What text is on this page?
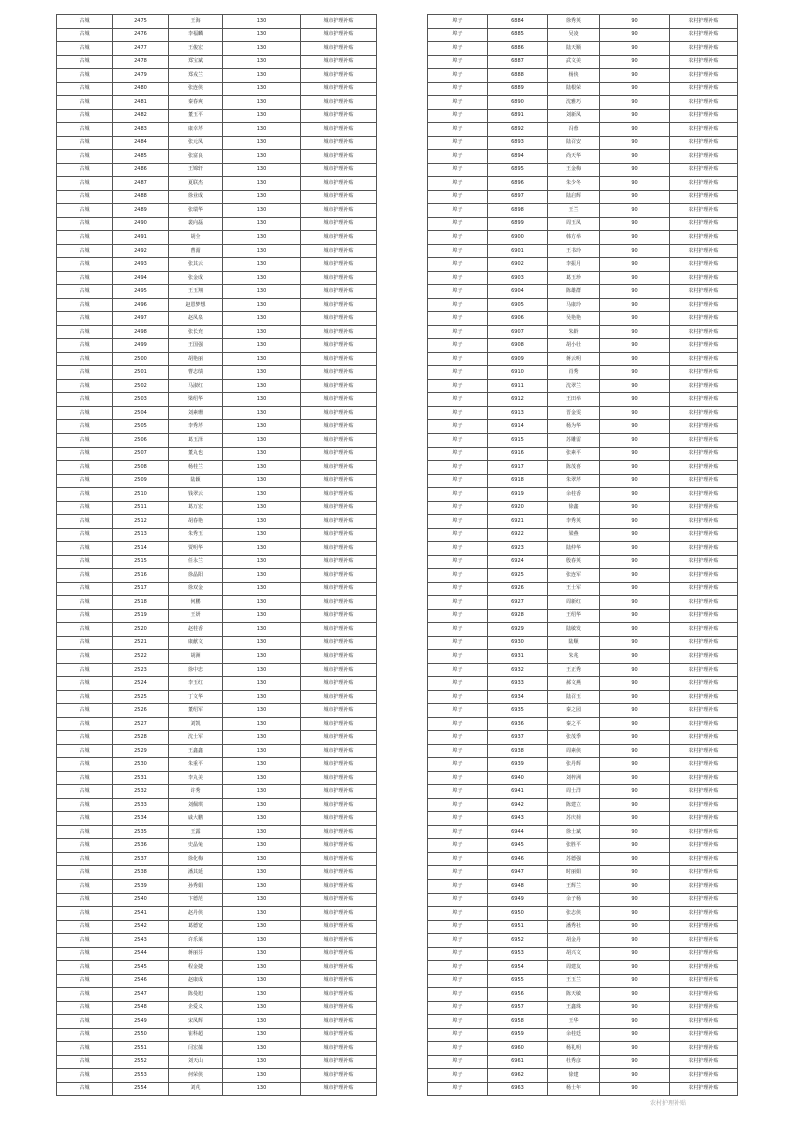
古城	2475	王海	130	城市护理补贴
古城	2476	李福麟	130	城市护理补贴
古城	2477	王俊宏	130	城市护理补贴
古城	2478	郑宝斌	130	城市护理补贴
古城	2479	郑戎兰	130	城市护理补贴
古城	2480	张连侠	130	城市护理补贴
古城	2481	秦春爽	130	城市护理补贴
古城	2482	董玉平	130	城市护理补贴
古城	2483	康幸芹	130	城市护理补贴
古城	2484	张元凤	130	城市护理补贴
古城	2485	张富良	130	城市护理补贴
古城	2486	王锦轩	130	城市护理补贴
古城	2487	夏联杰	130	城市护理补贴
古城	2488	徐业成	130	城市护理补贴
古城	2489	张瑞华	130	城市护理补贴
古城	2490	裴向磊	130	城市护理补贴
古城	2491	胡全	130	城市护理补贴
古城	2492	曹湄	130	城市护理补贴
古城	2493	张其云	130	城市护理补贴
古城	2494	张金成	130	城市护理补贴
古城	2495	王玉翔	130	城市护理补贴
古城	2496	赵恩梦想	130	城市护理补贴
古城	2497	赵凤泉	130	城市护理补贴
古城	2498	张长充	130	城市护理补贴
古城	2499	王国强	130	城市护理补贴
古城	2500	胡艳丽	130	城市护理补贴
古城	2501	曹志绩	130	城市护理补贴
古城	2502	马淑红	130	城市护理补贴
古城	2503	梁绍华	130	城市护理补贴
古城	2504	刘素珊	130	城市护理补贴
古城	2505	李秀芹	130	城市护理补贴
古城	2506	葛玉泽	130	城市护理补贴
古城	2507	董丸也	130	城市护理补贴
古城	2508	杨桂兰	130	城市护理补贴
古城	2509	陆颖	130	城市护理补贴
古城	2510	钱翠云	130	城市护理补贴
古城	2511	葛万宏	130	城市护理补贴
古城	2512	胡春艳	130	城市护理补贴
古城	2513	朱秀玉	130	城市护理补贴
古城	2514	贾明华	130	城市护理补贴
古城	2515	任永兰	130	城市护理补贴
古城	2516	徐晶阳	130	城市护理补贴
古城	2517	徐双金	130	城市护理补贴
古城	2518	何鹏	130	城市护理补贴
古城	2519	王妍	130	城市护理补贴
古城	2520	赵桂香	130	城市护理补贴
古城	2521	康献文	130	城市护理补贴
古城	2522	胡洲	130	城市护理补贴
古城	2523	徐中忠	130	城市护理补贴
古城	2524	李玉红	130	城市护理补贴
古城	2525	丁文华	130	城市护理补贴
古城	2526	董绍军	130	城市护理补贴
古城	2527	刘凯	130	城市护理补贴
古城	2528	沈士军	130	城市护理补贴
古城	2529	王鑫鑫	130	城市护理补贴
古城	2530	朱重平	130	城市护理补贴
古城	2531	李丸美	130	城市护理补贴
古城	2532	许秀	130	城市护理补贴
古城	2533	刘佩琪	130	城市护理补贴
古城	2534	戚大鹏	130	城市护理补贴
古城	2535	王露	130	城市护理补贴
古城	2536	史晶兔	130	城市护理补贴
古城	2537	徐化梅	130	城市护理补贴
古城	2538	潘其延	130	城市护理补贴
古城	2539	孙秀娟	130	城市护理补贴
古城	2540	卞德范	130	城市护理补贴
古城	2541	赵丹侠	130	城市护理补贴
古城	2542	葛德宽	130	城市护理补贴
古城	2543	许乐莱	130	城市护理补贴
古城	2544	蒋丽芬	130	城市护理补贴
古城	2545	程金捷	130	城市护理补贴
古城	2546	赵康成	130	城市护理补贴
古城	2547	陈曼旭	130	城市护理补贴
古城	2548	企爱义	130	城市护理补贴
古城	2549	宋凤辉	130	城市护理补贴
古城	2550	崔科超	130	城市护理补贴
古城	2551	闫宏葆	130	城市护理补贴
古城	2552	刘天山	130	城市护理补贴
古城	2553	何荣侠	130	城市护理补贴
古城	2554	刘芃	130	城市护理补贴
埠子	6884	徐秀英	90	农村护理补贴
埠子	6885	吴凌	90	农村护理补贴
埠子	6886	陆天顺	90	农村护理补贴
埠子	6887	武文美	90	农村护理补贴
埠子	6888	杨侠	90	农村护理补贴
埠子	6889	陆根荣	90	农村护理补贴
埠子	6890	沈雅巧	90	农村护理补贴
埠子	6891	刘新凤	90	农村护理补贴
埠子	6892	冯蓉	90	农村护理补贴
埠子	6893	陆召安	90	农村护理补贴
埠子	6894	尚天华	90	农村护理补贴
埠子	6895	王金梅	90	农村护理补贴
埠子	6896	朱少冬	90	农村护理补贴
埠子	6897	陆启辉	90	农村护理补贴
埠子	6898	王兰	90	农村护理补贴
埠子	6899	周玉凤	90	农村护理补贴
埠子	6900	韩方举	90	农村护理补贴
埠子	6901	王书玲	90	农村护理补贴
埠子	6902	李振月	90	农村护理补贴
埠子	6903	葛玉珍	90	农村护理补贴
埠子	6904	陈雄群	90	农村护理补贴
埠子	6905	马康玲	90	农村护理补贴
埠子	6906	吴艳艳	90	农村护理补贴
埠子	6907	朱龄	90	农村护理补贴
埠子	6908	胡小壮	90	农村护理补贴
埠子	6909	蒋云明	90	农村护理补贴
埠子	6910	肖秀	90	农村护理补贴
埠子	6911	沈翠兰	90	农村护理补贴
埠子	6912	王田举	90	农村护理补贴
埠子	6913	晋金雯	90	农村护理补贴
埠子	6914	杨为华	90	农村护理补贴
埠子	6915	苏雕雷	90	农村护理补贴
埠子	6916	张素平	90	农村护理补贴
埠子	6917	陈茂喜	90	农村护理补贴
埠子	6918	朱翠芹	90	农村护理补贴
埠子	6919	余桂香	90	农村护理补贴
埠子	6920	徐鑫	90	农村护理补贴
埠子	6921	李秀英	90	农村护理补贴
埠子	6922	梁燕	90	农村护理补贴
埠子	6923	陆仲华	90	农村护理补贴
埠子	6924	殷春英	90	农村护理补贴
埠子	6925	张连军	90	农村护理补贴
埠子	6926	王士军	90	农村护理补贴
埠子	6927	周新红	90	农村护理补贴
埠子	6928	王绍华	90	农村护理补贴
埠子	6929	陆敏发	90	农村护理补贴
埠子	6930	陆顺	90	农村护理补贴
埠子	6931	朱兆	90	农村护理补贴
埠子	6932	王正秀	90	农村护理补贴
埠子	6933	郝文燕	90	农村护理补贴
埠子	6934	陆召玉	90	农村护理补贴
埠子	6935	秦之园	90	农村护理补贴
埠子	6936	秦之平	90	农村护理补贴
埠子	6937	张茂季	90	农村护理补贴
埠子	6938	周素侠	90	农村护理补贴
埠子	6939	张丹辉	90	农村护理补贴
埠子	6940	刘梓洲	90	农村护理补贴
埠子	6941	周士洋	90	农村护理补贴
埠子	6942	陈建立	90	农村护理补贴
埠子	6943	苏庆荷	90	农村护理补贴
埠子	6944	徐士斌	90	农村护理补贴
埠子	6945	张胜平	90	农村护理补贴
埠子	6946	苏德强	90	农村护理补贴
埠子	6947	时丽娟	90	农村护理补贴
埠子	6948	王辉兰	90	农村护理补贴
埠子	6949	余子杨	90	农村护理补贴
埠子	6950	张志侠	90	农村护理补贴
埠子	6951	潘秀社	90	农村护理补贴
埠子	6952	胡金丹	90	农村护理补贴
埠子	6953	胡兴文	90	农村护理补贴
埠子	6954	周建友	90	农村护理补贴
埠子	6955	王玉兰	90	农村护理补贴
埠子	6956	陈天敏	90	农村护理补贴
埠子	6957	王鑫珠	90	农村护理补贴
埠子	6958	王华	90	农村护理补贴
埠子	6959	余桂廷	90	农村护理补贴
埠子	6960	杨礼明	90	农村护理补贴
埠子	6961	杜秀彦	90	农村护理补贴
埠子	6962	徐建	90	农村护理补贴
埠子	6963	杨士年	90	农村护理补贴
农村护理补贴
